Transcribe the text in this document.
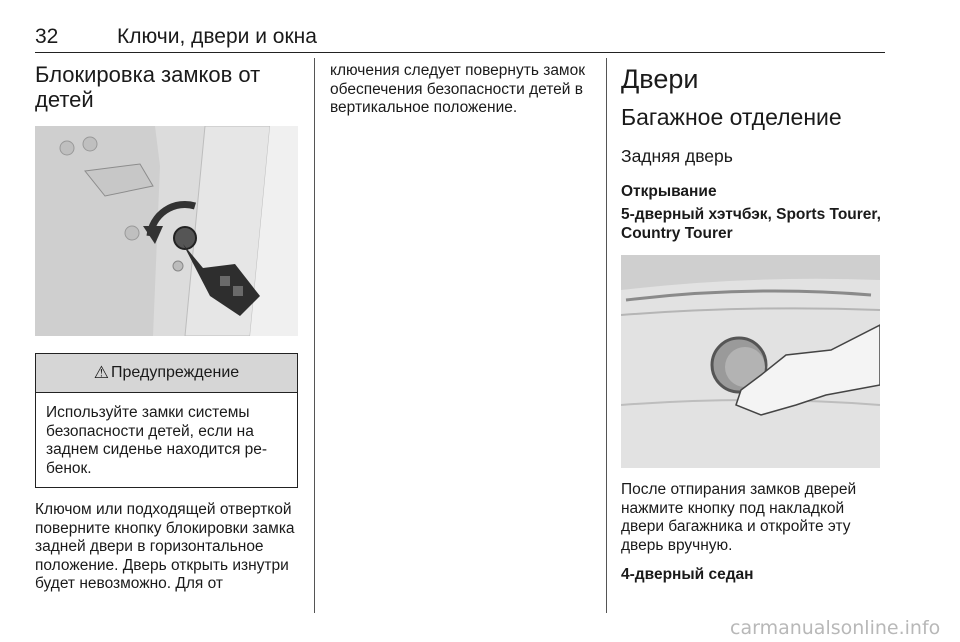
32	Ключи, двери и окна
Блокировка замков от детей
⚠ Предупреждение
Используйте замки системы безопасности детей, если на заднем сиденье находится ребенок.

Ключом или подходящей отверткой поверните кнопку блокировки замка задней двери в горизонтальное положение. Дверь открыть изнутри будет невозможно. Для от

ключения следует повернуть замок обеспечения безопасности детей в вертикальное положение.

Двери
Багажное отделение
Задняя дверь
Открывание
5-дверный хэтчбэк, Sports Tourer, Country Tourer

После отпирания замков дверей нажмите кнопку под накладкой двери багажника и откройте эту дверь вручную.

4-дверный седан
carmanualsonline.info
